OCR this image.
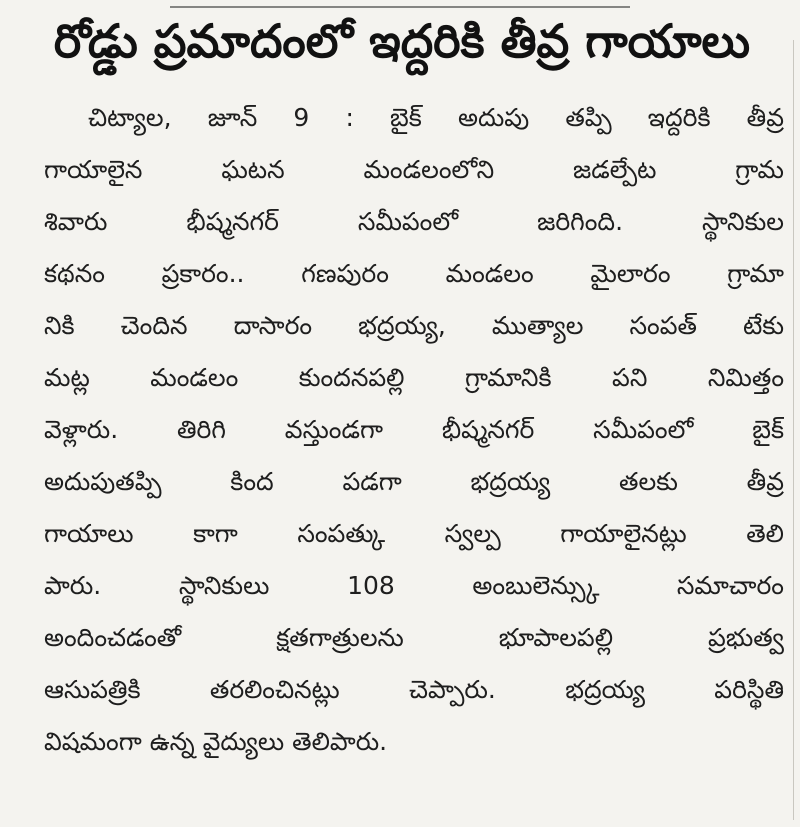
రోడ్డు ప్రమాదంలో ఇద్దరికి తీవ్ర గాయాలు
చిట్యాల, జూన్ 9 : బైక్ అదుపు తప్పి ఇద్దరికి తీవ్ర
గాయాలైన ఘటన మండలంలోని జడల్పేట గ్రామ
శివారు భీష్మనగర్ సమీపంలో జరిగింది. స్థానికుల
కథనం ప్రకారం.. గణపురం మండలం మైలారం గ్రామా
నికి చెందిన దాసారం భద్రయ్య, ముత్యాల సంపత్ టేకు
మట్ల మండలం కుందనపల్లి గ్రామానికి పని నిమిత్తం
వెళ్లారు. తిరిగి వస్తుండగా భీష్మనగర్ సమీపంలో బైక్
అదుపుతప్పి కింద పడగా భద్రయ్య తలకు తీవ్ర
గాయాలు కాగా సంపత్కు స్వల్ప గాయాలైనట్లు తెలి
పారు. స్థానికులు 108 అంబులెన్స్కు సమాచారం
అందించడంతో క్షతగాత్రులను భూపాలపల్లి ప్రభుత్వ
ఆసుపత్రికి తరలించినట్లు చెప్పారు. భద్రయ్య పరిస్థితి
విషమంగా ఉన్న వైద్యులు తెలిపారు.
